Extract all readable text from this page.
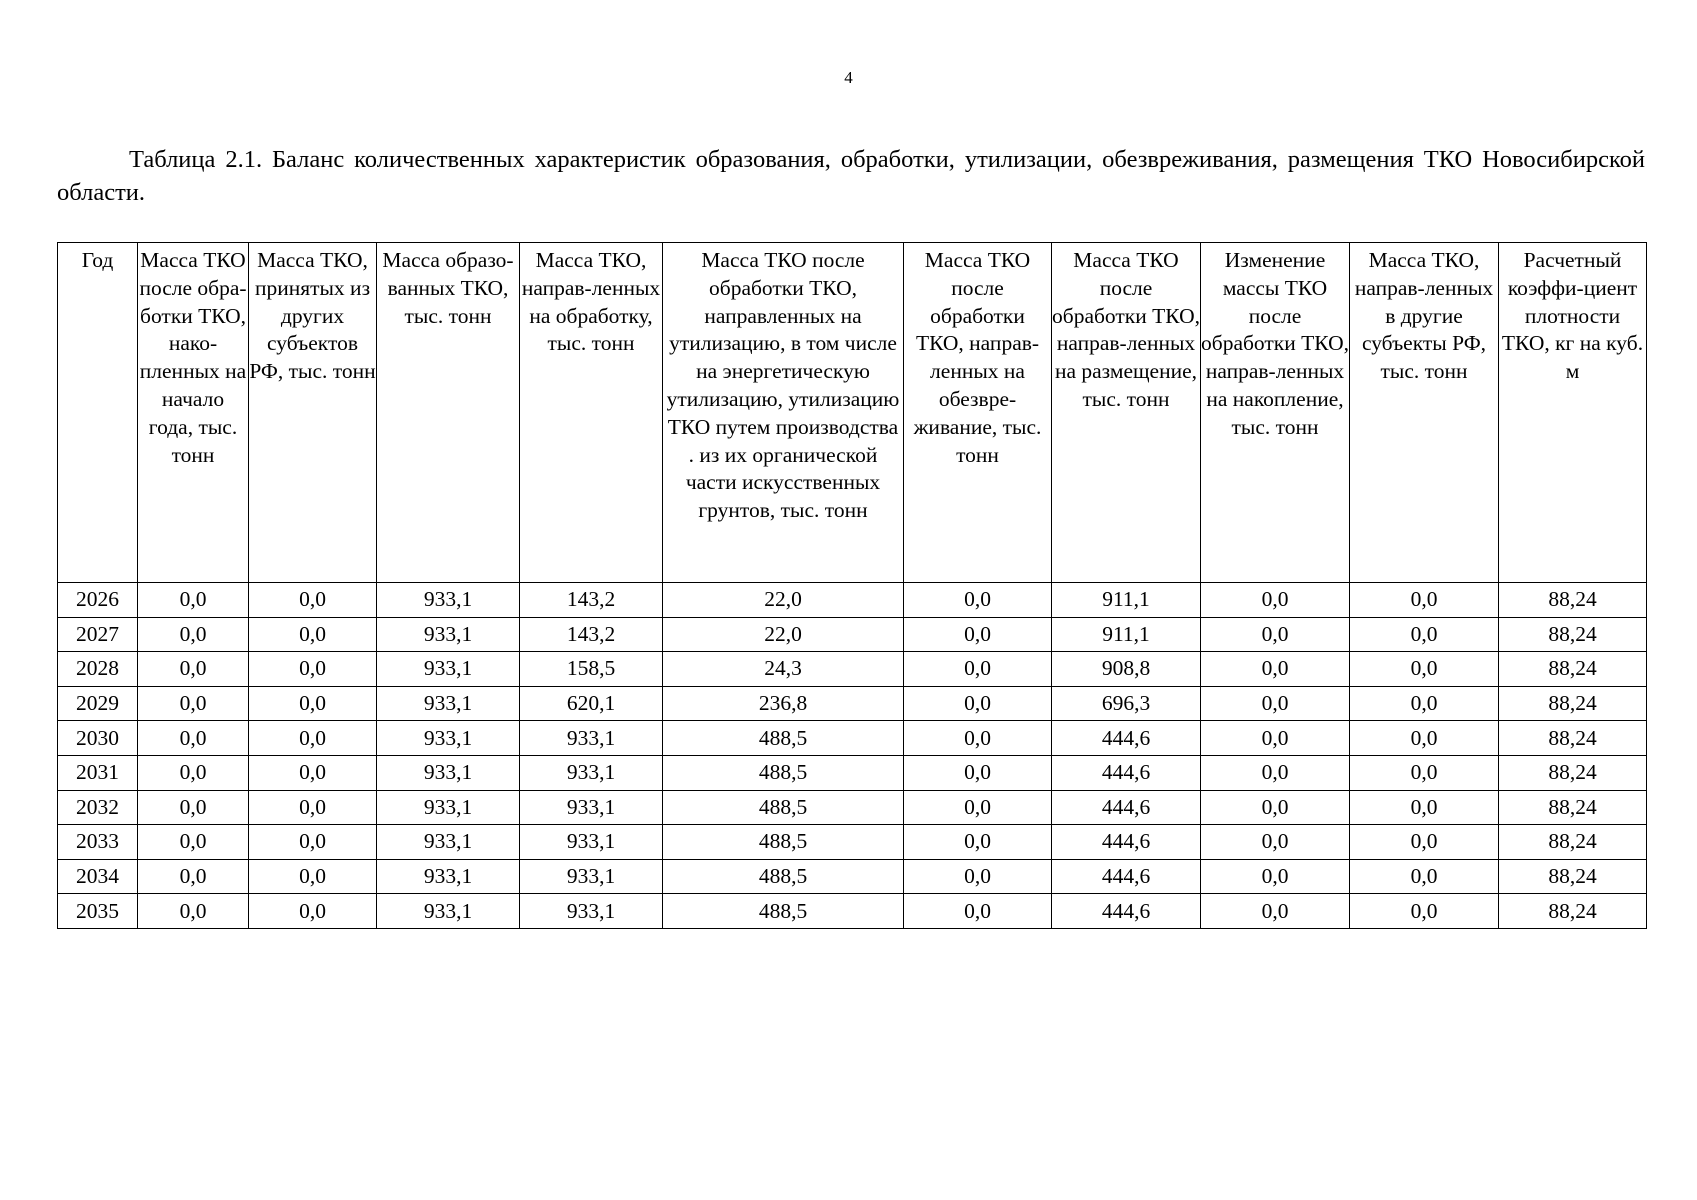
4

Таблица 2.1. Баланс количественных характеристик образования, обработки, утилизации, обезвреживания, размещения ТКО Новосибирской области.

Год	Масса ТКО после обра-ботки ТКО, нако-пленных на начало года, тыс. тонн	Масса ТКО, принятых из других субъектов РФ, тыс. тонн	Масса образо-ванных ТКО, тыс. тонн	Масса ТКО, направ-ленных на обработку, тыс. тонн	Масса ТКО после обработки ТКО, направленных на утилизацию, в том числе на энергетическую утилизацию, утилизацию ТКО путем производства . из их органической части искусственных грунтов, тыс. тонн	Масса ТКО после обработки ТКО, направ-ленных на обезвре-живание, тыс. тонн	Масса ТКО после обработки ТКО, направ-ленных на размещение, тыс. тонн	Изменение массы ТКО после обработки ТКО, направ-ленных на накопление, тыс. тонн	Масса ТКО, направ-ленных в другие субъекты РФ, тыс. тонн	Расчетный коэффи-циент плотности ТКО, кг на куб. м
2026	0,0	0,0	933,1	143,2	22,0	0,0	911,1	0,0	0,0	88,24
2027	0,0	0,0	933,1	143,2	22,0	0,0	911,1	0,0	0,0	88,24
2028	0,0	0,0	933,1	158,5	24,3	0,0	908,8	0,0	0,0	88,24
2029	0,0	0,0	933,1	620,1	236,8	0,0	696,3	0,0	0,0	88,24
2030	0,0	0,0	933,1	933,1	488,5	0,0	444,6	0,0	0,0	88,24
2031	0,0	0,0	933,1	933,1	488,5	0,0	444,6	0,0	0,0	88,24
2032	0,0	0,0	933,1	933,1	488,5	0,0	444,6	0,0	0,0	88,24
2033	0,0	0,0	933,1	933,1	488,5	0,0	444,6	0,0	0,0	88,24
2034	0,0	0,0	933,1	933,1	488,5	0,0	444,6	0,0	0,0	88,24
2035	0,0	0,0	933,1	933,1	488,5	0,0	444,6	0,0	0,0	88,24
